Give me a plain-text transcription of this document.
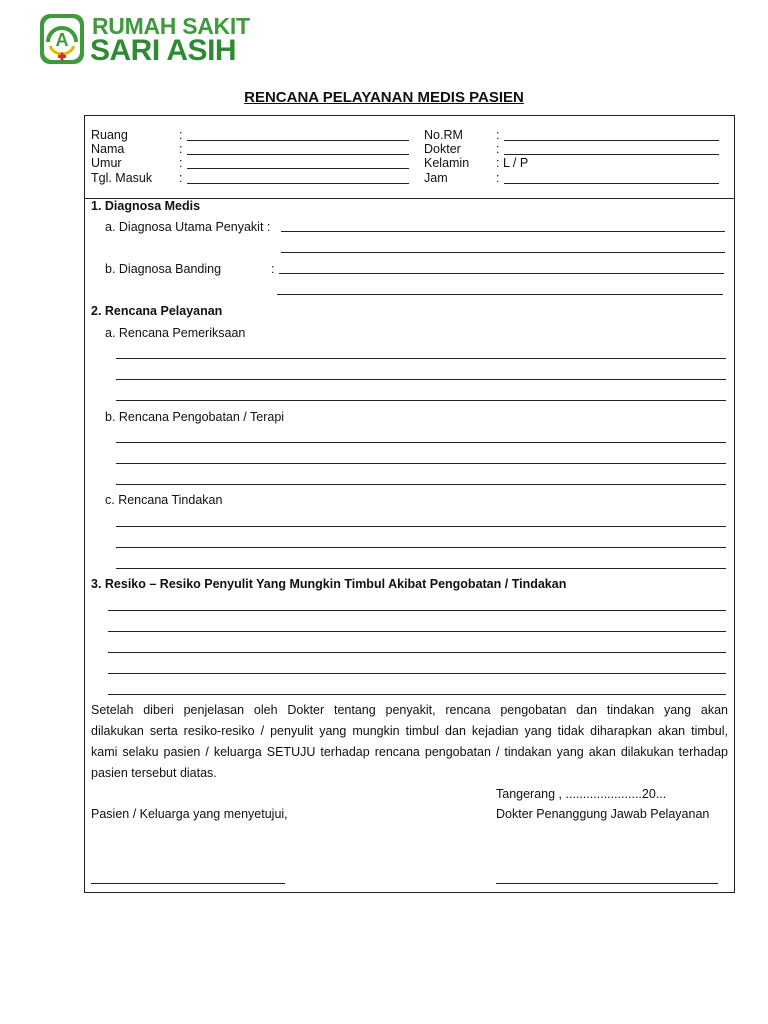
A
RUMAH SAKIT
SARI ASIH
RENCANA PELAYANAN MEDIS PASIEN
Ruang	:
Nama	:
Umur	:
Tgl. Masuk :
No.RM	:
Dokter	:
Kelamin : L / P
Jam	:
1. Diagnosa Medis
a. Diagnosa Utama Penyakit :
b. Diagnosa Banding	:
2. Rencana Pelayanan
a. Rencana Pemeriksaan
b. Rencana Pengobatan / Terapi
c. Rencana Tindakan
3. Resiko – Resiko Penyulit Yang Mungkin Timbul Akibat Pengobatan / Tindakan
Setelah diberi penjelasan oleh Dokter tentang penyakit, rencana pengobatan dan tindakan yang akan
dilakukan serta resiko-resiko / penyulit yang mungkin timbul dan kejadian yang tidak diharapkan akan timbul,
kami selaku pasien / keluarga SETUJU terhadap rencana pengobatan / tindakan yang akan dilakukan terhadap
pasien tersebut diatas.
Tangerang , ......................20...
Pasien / Keluarga yang menyetujui,	Dokter Penanggung Jawab Pelayanan
